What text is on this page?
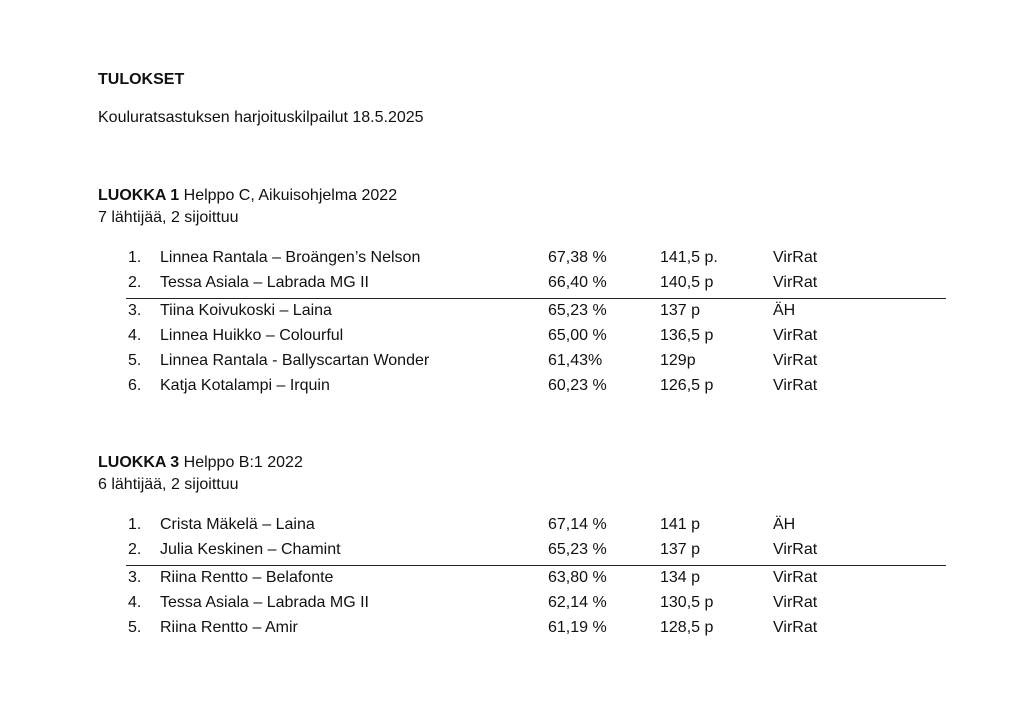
TULOKSET
Kouluratsastuksen harjoituskilpailut 18.5.2025
LUOKKA 1 Helppo C, Aikuisohjelma 2022
7 lähtijää, 2 sijoittuu
1. Linnea Rantala – Broängen’s Nelson	67,38 %	141,5 p.	VirRat
2. Tessa Asiala – Labrada MG II	66,40 %	140,5 p	VirRat
3. Tiina Koivukoski – Laina	65,23 %	137 p	ÄH
4. Linnea Huikko – Colourful	65,00 %	136,5 p	VirRat
5. Linnea Rantala - Ballyscartan Wonder	61,43%	129p	VirRat
6. Katja Kotalampi – Irquin	60,23 %	126,5 p	VirRat
LUOKKA 3 Helppo B:1 2022
6 lähtijää, 2 sijoittuu
1. Crista Mäkelä – Laina	67,14 %	141 p	ÄH
2. Julia Keskinen – Chamint	65,23 %	137 p	VirRat
3. Riina Rentto – Belafonte	63,80 %	134 p	VirRat
4. Tessa Asiala – Labrada MG II	62,14 %	130,5 p	VirRat
5. Riina Rentto – Amir	61,19 %	128,5 p	VirRat
